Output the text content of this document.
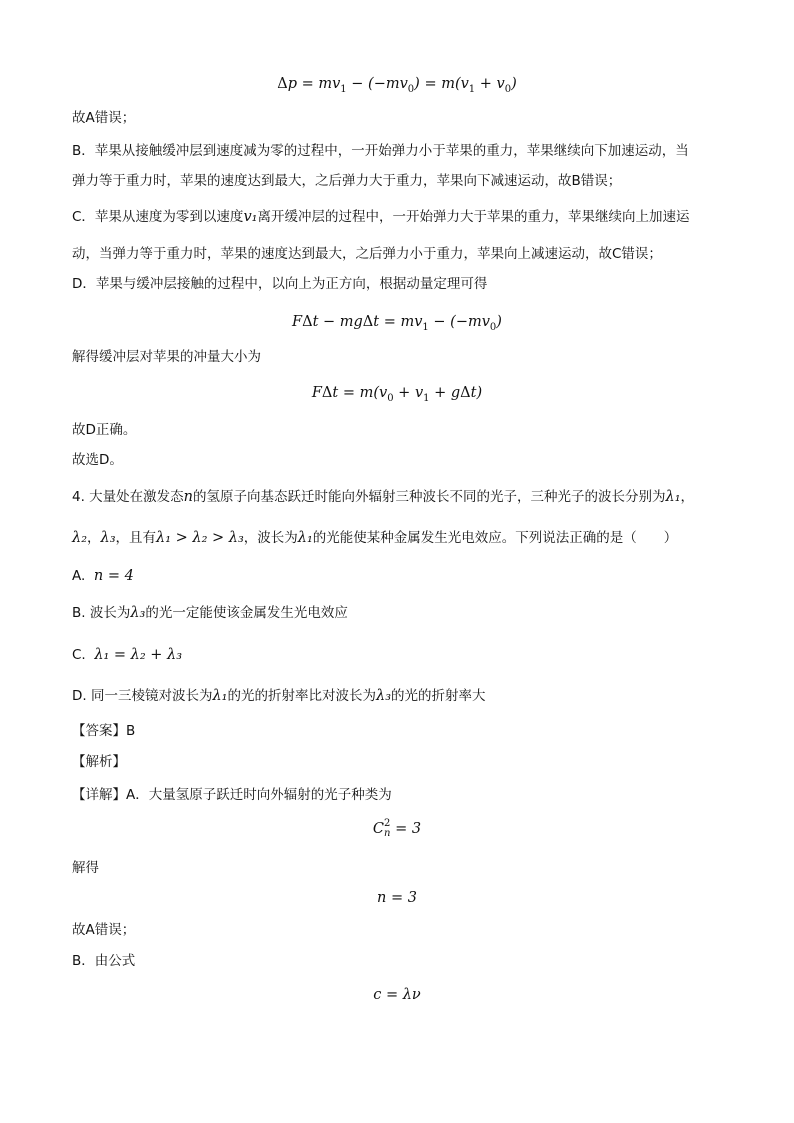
$\Delta p = mv_1 - (-mv_0) = m(v_1 + v_0)$
故A错误；
B．苹果从接触缓冲层到速度减为零的过程中，一开始弹力小于苹果的重力，苹果继续向下加速运动，当
弹力等于重力时，苹果的速度达到最大，之后弹力大于重力，苹果向下减速运动，故B错误；
C．苹果从速度为零到以速度v₁离开缓冲层的过程中，一开始弹力大于苹果的重力，苹果继续向上加速运
动，当弹力等于重力时，苹果的速度达到最大，之后弹力小于重力，苹果向上减速运动，故C错误；
D．苹果与缓冲层接触的过程中，以向上为正方向，根据动量定理可得
$F\Delta t - mg\Delta t = mv_1 - (-mv_0)$
解得缓冲层对苹果的冲量大小为
$F\Delta t = m(v_0 + v_1 + g\Delta t)$
故D正确。
故选D。
4. 大量处在激发态n的氢原子向基态跃迁时能向外辐射三种波长不同的光子，三种光子的波长分别为λ₁，
λ₂，λ₃，且有λ₁ > λ₂ > λ₃，波长为λ₁的光能使某种金属发生光电效应。下列说法正确的是（　　）
A. n = 4
B. 波长为λ₃的光一定能使该金属发生光电效应
C. λ₁ = λ₂ + λ₃
D. 同一三棱镜对波长为λ₁的光的折射率比对波长为λ₃的光的折射率大
【答案】B
【解析】
【详解】A．大量氢原子跃迁时向外辐射的光子种类为
C 2
n = 3
解得
n = 3
故A错误；
B．由公式
c = λν
